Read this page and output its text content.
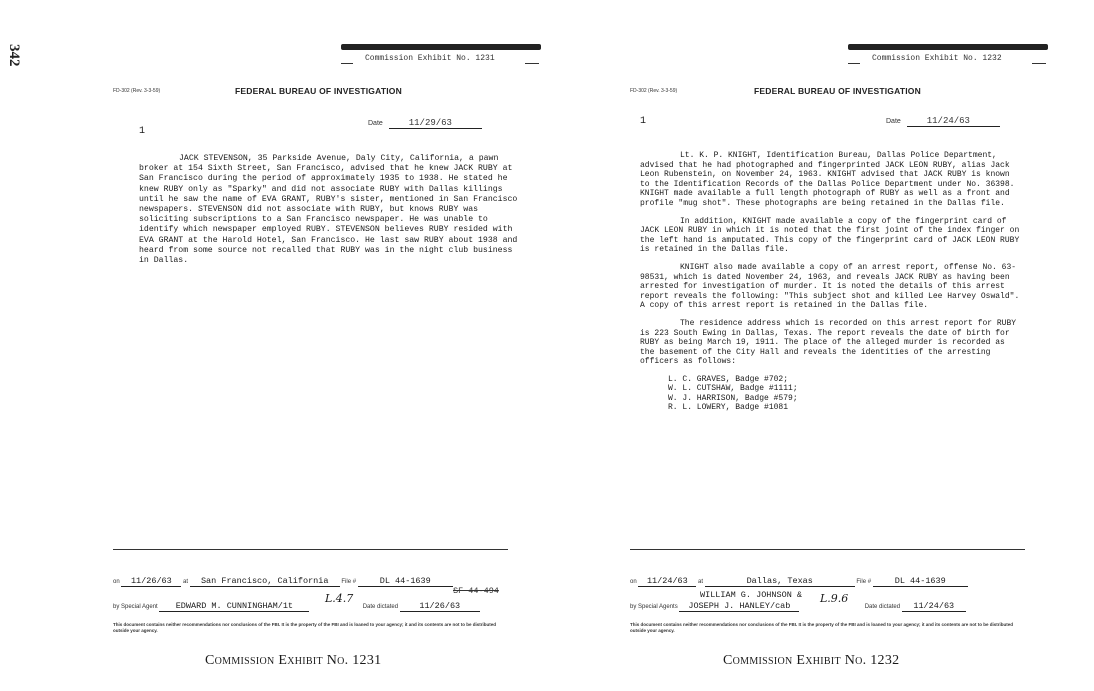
342	Commission Exhibit No. 1231
FD-302 (Rev. 3-3-59)	FEDERAL BUREAU OF INVESTIGATION
1
Date	11/29/63

JACK STEVENSON, 35 Parkside Avenue, Daly City, California, a pawn broker at 154 Sixth Street, San Francisco, advised that he knew JACK RUBY at San Francisco during the period of approximately 1935 to 1938. He stated he knew RUBY only as "Sparky" and did not associate RUBY with Dallas killings until he saw the name of EVA GRANT, RUBY's sister, mentioned in San Francisco newspapers. STEVENSON did not associate with RUBY, but knows RUBY was soliciting subscriptions to a San Francisco newspaper. He was unable to identify which newspaper employed RUBY. STEVENSON believes RUBY resided with EVA GRANT at the Harold Hotel, San Francisco. He last saw RUBY about 1938 and heard from some source not recalled that RUBY was in the night club business in Dallas.

on 11/26/63 at San Francisco, California File #	DL 44-1639
SF 44-494
by Special Agent EDWARD M. CUNNINGHAM/1t	Date dictated	11/26/63
L.4.7
This document contains neither recommendations nor conclusions of the FBI. It is the property of the FBI and is loaned to your agency; it and its contents are not to be distributed outside your agency.
Commission Exhibit No. 1231
Commission Exhibit No. 1232
FD-302 (Rev. 3-3-59)	FEDERAL BUREAU OF INVESTIGATION
1	Date	11/24/63

Lt. K. P. KNIGHT, Identification Bureau, Dallas Police Department, advised that he had photographed and fingerprinted JACK LEON RUBY, alias Jack Leon Rubenstein, on November 24, 1963. KNIGHT advised that JACK RUBY is known to the Identification Records of the Dallas Police Department under No. 36398. KNIGHT made available a full length photograph of RUBY as well as a front and profile "mug shot". These photographs are being retained in the Dallas file.

In addition, KNIGHT made available a copy of the fingerprint card of JACK LEON RUBY in which it is noted that the first joint of the index finger on the left hand is amputated. This copy of the fingerprint card of JACK LEON RUBY is retained in the Dallas file.

KNIGHT also made available a copy of an arrest report, offense No. 63-98531, which is dated November 24, 1963, and reveals JACK RUBY as having been arrested for investigation of murder. It is noted the details of this arrest report reveals the following: "This subject shot and killed Lee Harvey Oswald". A copy of this arrest report is retained in the Dallas file.

The residence address which is recorded on this arrest report for RUBY is 223 South Ewing in Dallas, Texas. The report reveals the date of birth for RUBY as being March 19, 1911. The place of the alleged murder is recorded as the basement of the City Hall and reveals the identities of the arresting officers as follows:

L. C. GRAVES, Badge #702;
W. L. CUTSHAW, Badge #1111;
W. J. HARRISON, Badge #579;
R. L. LOWERY, Badge #1081
on 11/24/63 at	Dallas, Texas	File #	DL 44-1639
WILLIAM G. JOHNSON &
by Special Agents JOSEPH J. HANLEY/cab	Date dictated 11/24/63
L.9.6
This document contains neither recommendations nor conclusions of the FBI. It is the property of the FBI and is loaned to your agency; it and its contents are not to be distributed outside your agency.
Commission Exhibit No. 1232
